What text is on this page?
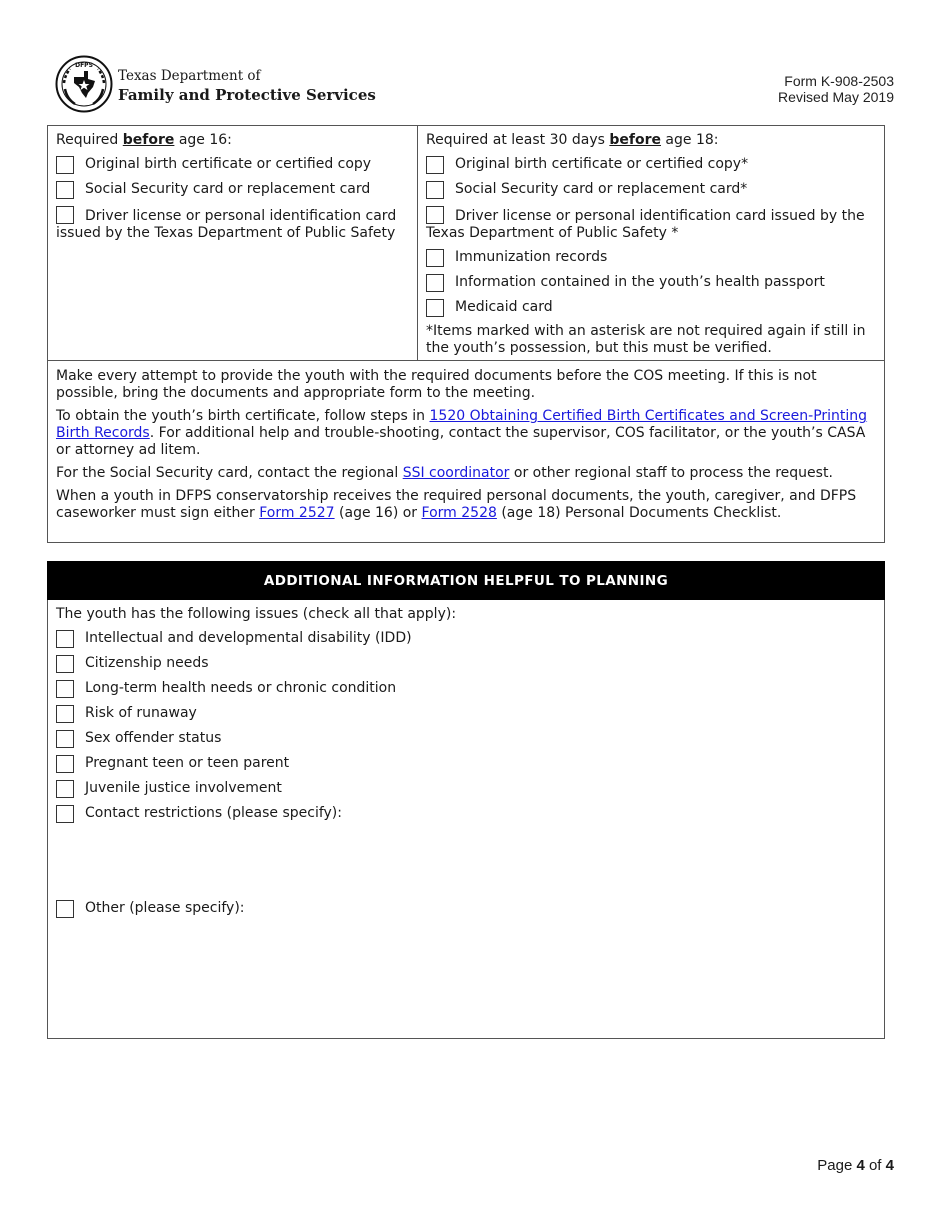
DFPS
Texas Department of
Family and Protective Services
Form K-908-2503
Revised May 2019
Required before age 16:
Original birth certificate or certified copy
Social Security card or replacement card
Driver license or personal identification card issued by the Texas Department of Public Safety
Required at least 30 days before age 18:
Original birth certificate or certified copy*
Social Security card or replacement card*
Driver license or personal identification card issued by the Texas Department of Public Safety *
Immunization records
Information contained in the youth’s health passport
Medicaid card
*Items marked with an asterisk are not required again if still in the youth’s possession, but this must be verified.

Make every attempt to provide the youth with the required documents before the COS meeting. If this is not possible, bring the documents and appropriate form to the meeting.

To obtain the youth’s birth certificate, follow steps in 1520 Obtaining Certified Birth Certificates and Screen-Printing Birth Records. For additional help and trouble-shooting, contact the supervisor, COS facilitator, or the youth’s CASA or attorney ad litem.

For the Social Security card, contact the regional SSI coordinator or other regional staff to process the request.

When a youth in DFPS conservatorship receives the required personal documents, the youth, caregiver, and DFPS caseworker must sign either Form 2527 (age 16) or Form 2528 (age 18) Personal Documents Checklist.

ADDITIONAL INFORMATION HELPFUL TO PLANNING
The youth has the following issues (check all that apply):
Intellectual and developmental disability (IDD)
Citizenship needs
Long-term health needs or chronic condition
Risk of runaway
Sex offender status
Pregnant teen or teen parent
Juvenile justice involvement
Contact restrictions (please specify):
Other (please specify):
Page 4 of 4
